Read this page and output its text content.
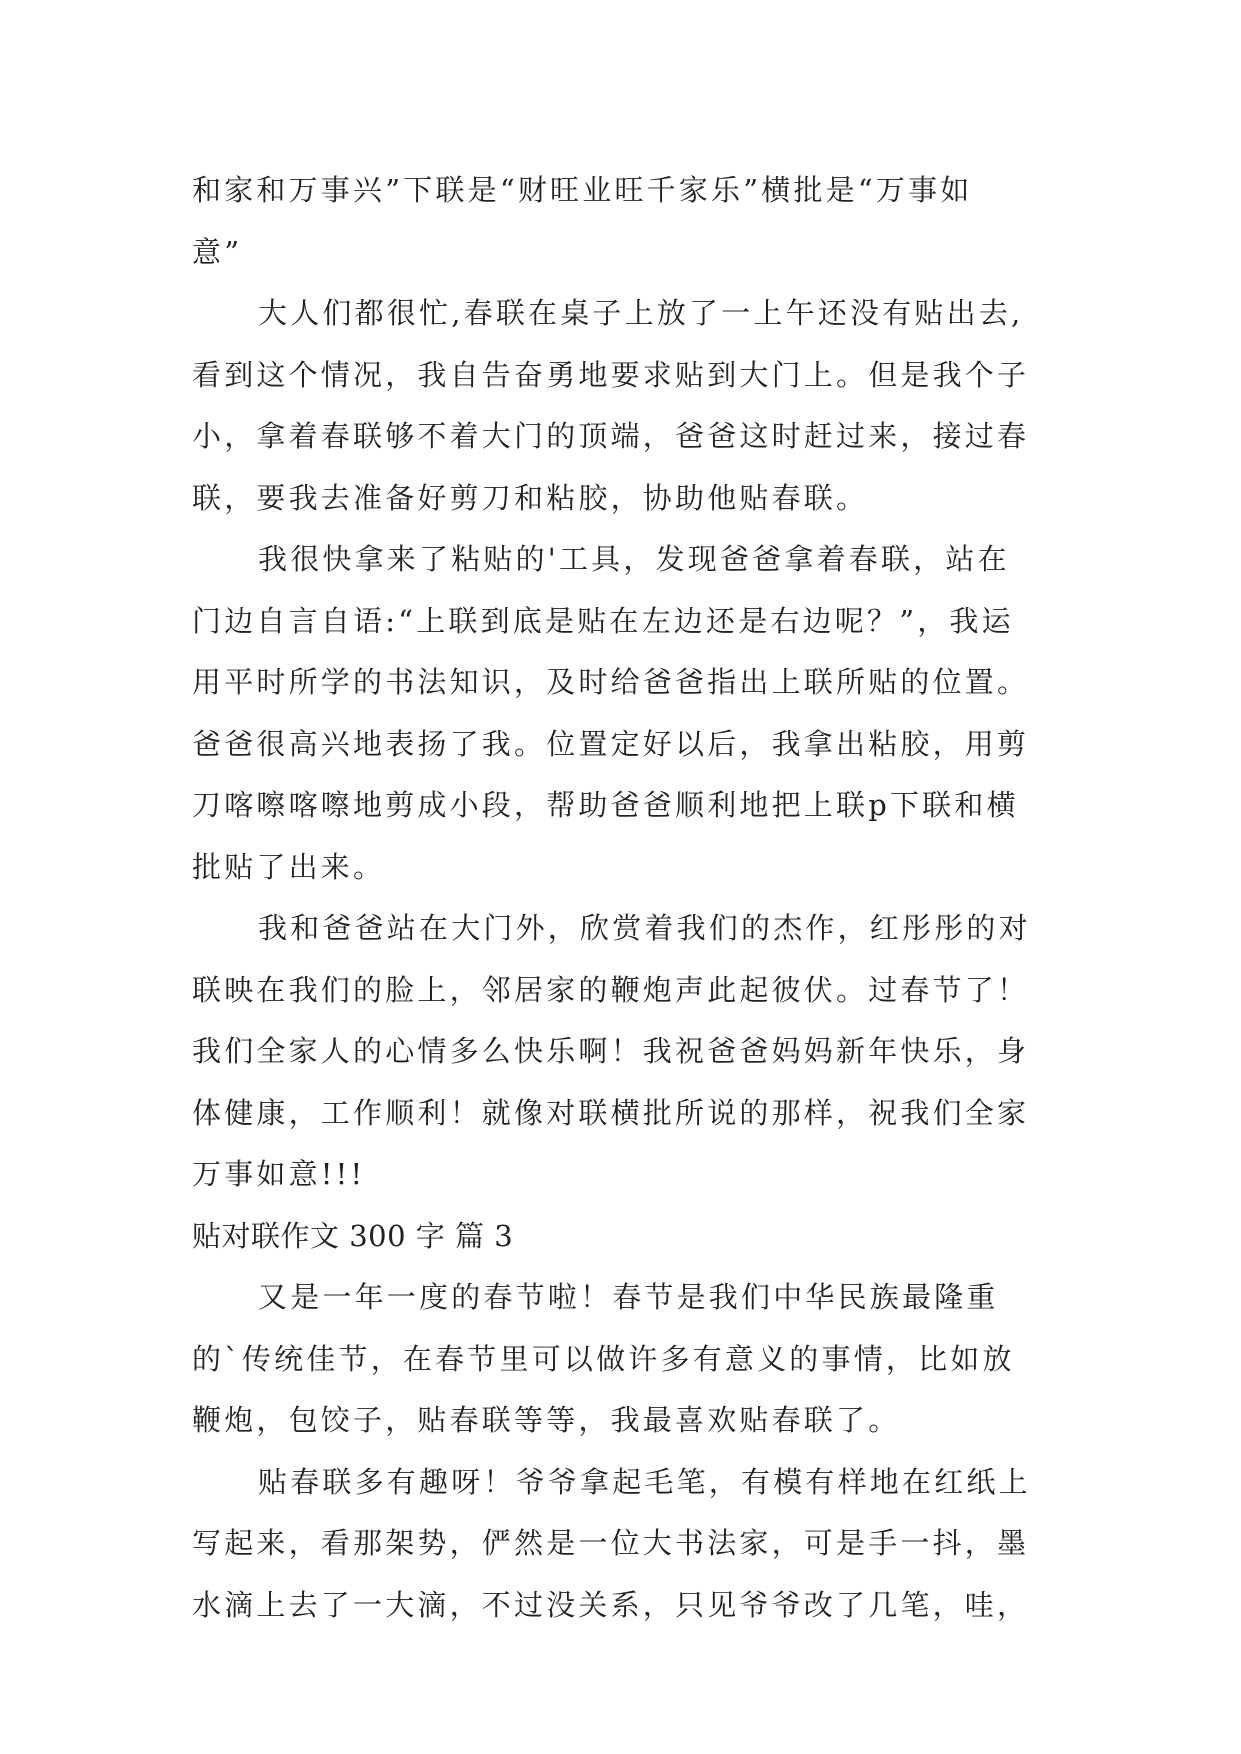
和家和万事兴”下联是“财旺业旺千家乐”横批是“万事如
意”
大人们都很忙,春联在桌子上放了一上午还没有贴出去,
看到这个情况，我自告奋勇地要求贴到大门上。但是我个子
小，拿着春联够不着大门的顶端，爸爸这时赶过来，接过春
联，要我去准备好剪刀和粘胶，协助他贴春联。
我很快拿来了粘贴的'工具，发现爸爸拿着春联，站在
门边自言自语:“上联到底是贴在左边还是右边呢？”，我运
用平时所学的书法知识，及时给爸爸指出上联所贴的位置。
爸爸很高兴地表扬了我。位置定好以后，我拿出粘胶，用剪
刀喀嚓喀嚓地剪成小段，帮助爸爸顺利地把上联p下联和横
批贴了出来。
我和爸爸站在大门外，欣赏着我们的杰作，红彤彤的对
联映在我们的脸上，邻居家的鞭炮声此起彼伏。过春节了！
我们全家人的心情多么快乐啊！我祝爸爸妈妈新年快乐，身
体健康，工作顺利！就像对联横批所说的那样，祝我们全家
万事如意!!!
贴对联作文 300 字 篇 3
又是一年一度的春节啦！春节是我们中华民族最隆重
的`传统佳节，在春节里可以做许多有意义的事情，比如放
鞭炮，包饺子，贴春联等等，我最喜欢贴春联了。
贴春联多有趣呀！爷爷拿起毛笔，有模有样地在红纸上
写起来，看那架势，俨然是一位大书法家，可是手一抖，墨
水滴上去了一大滴，不过没关系，只见爷爷改了几笔，哇，
